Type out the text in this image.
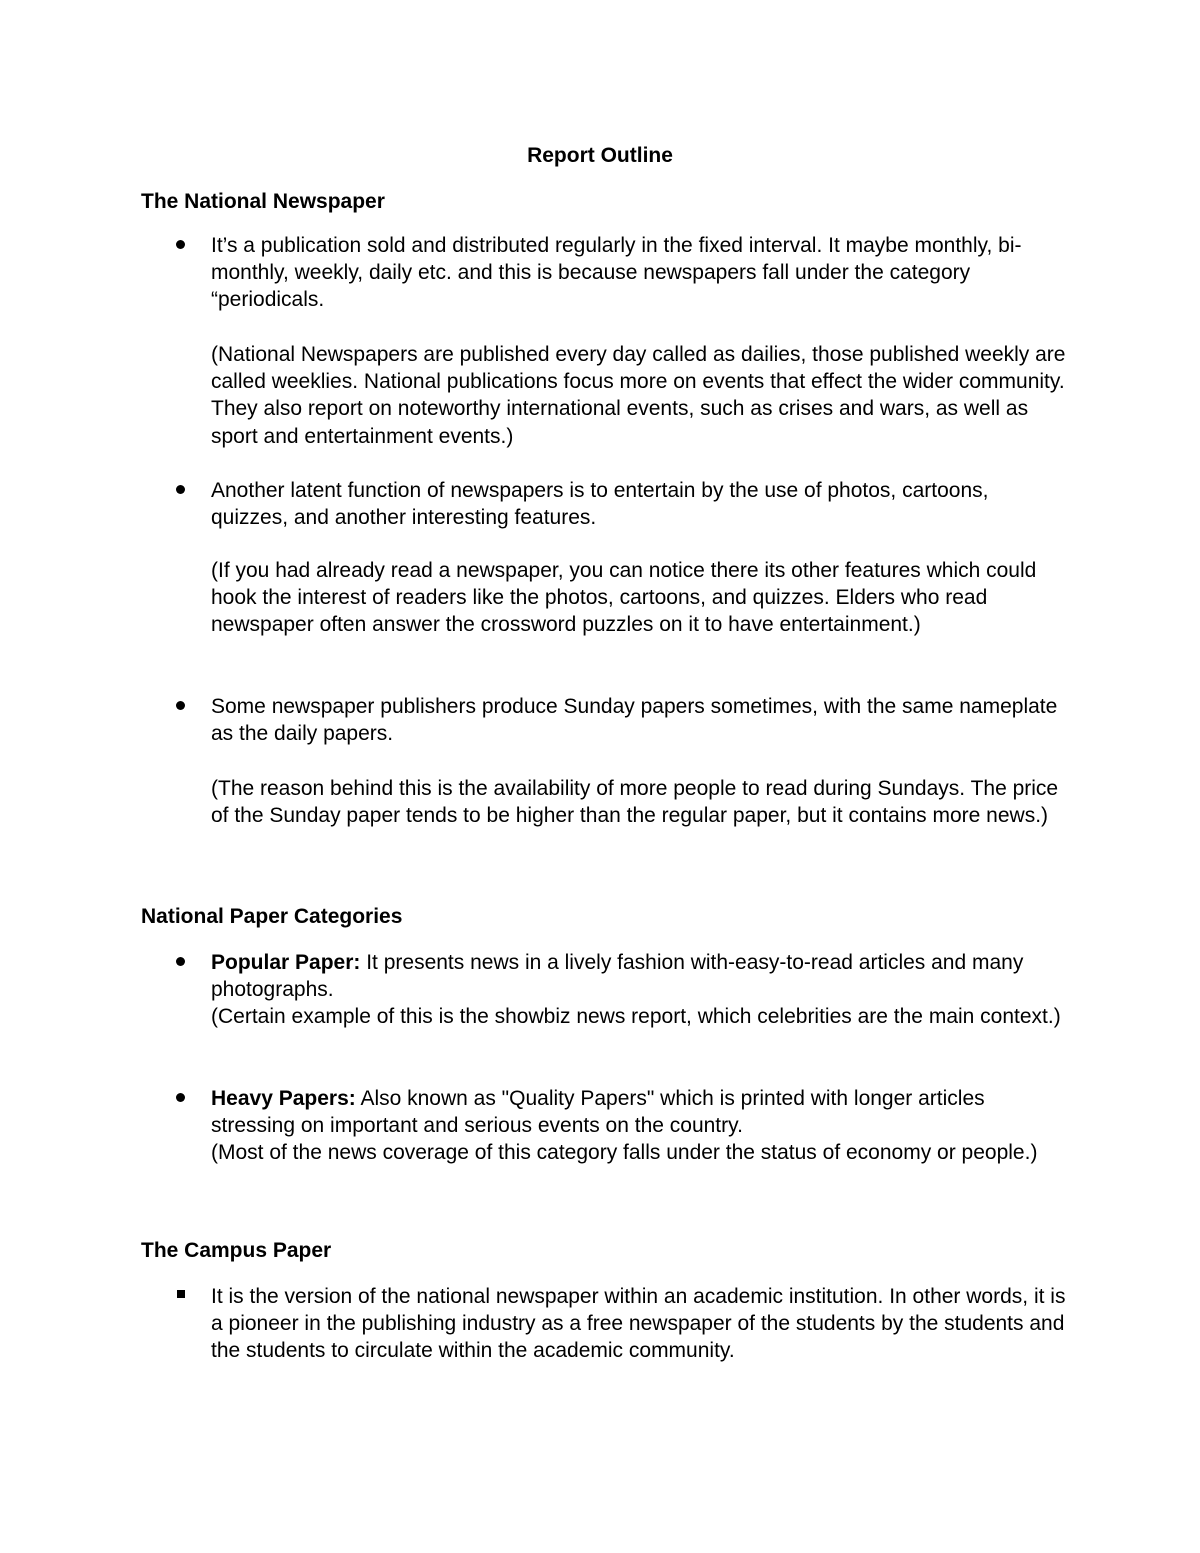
Report Outline
The National Newspaper

It’s a publication sold and distributed regularly in the fixed interval. It maybe monthly, bi-monthly, weekly, daily etc. and this is because newspapers fall under the category “periodicals.

(National Newspapers are published every day called as dailies, those published weekly are called weeklies. National publications focus more on events that effect the wider community. They also report on noteworthy international events, such as crises and wars, as well as sport and entertainment events.)

Another latent function of newspapers is to entertain by the use of photos, cartoons, quizzes, and another interesting features.

(If you had already read a newspaper, you can notice there its other features which could hook the interest of readers like the photos, cartoons, and quizzes. Elders who read newspaper often answer the crossword puzzles on it to have entertainment.)

Some newspaper publishers produce Sunday papers sometimes, with the same nameplate as the daily papers.

(The reason behind this is the availability of more people to read during Sundays. The price of the Sunday paper tends to be higher than the regular paper, but it contains more news.)

National Paper Categories

Popular Paper: It presents news in a lively fashion with-easy-to-read articles and many photographs.

(Certain example of this is the showbiz news report, which celebrities are the main context.)

Heavy Papers: Also known as "Quality Papers" which is printed with longer articles stressing on important and serious events on the country.

(Most of the news coverage of this category falls under the status of economy or people.)

The Campus Paper

It is the version of the national newspaper within an academic institution. In other words, it is a pioneer in the publishing industry as a free newspaper of the students by the students and the students to circulate within the academic community.
